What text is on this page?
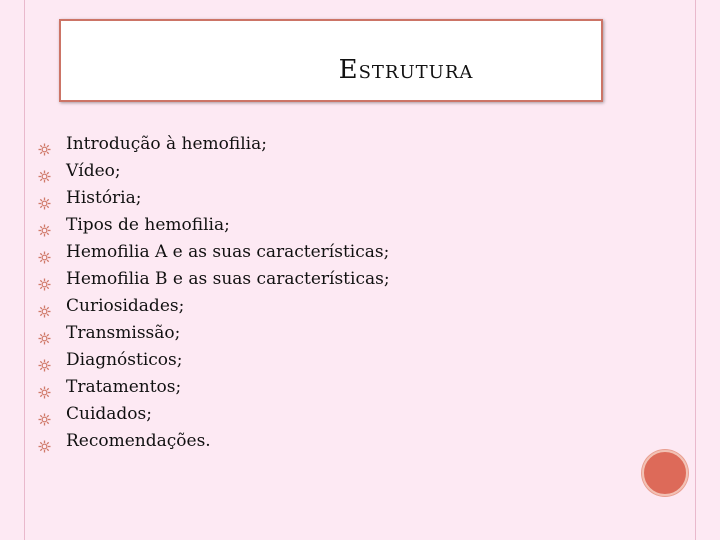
Estrutura
Introdução à hemofilia;
Vídeo;
História;
Tipos de hemofilia;
Hemofilia A e as suas características;
Hemofilia B e as suas características;
Curiosidades;
Transmissão;
Diagnósticos;
Tratamentos;
Cuidados;
Recomendações.
